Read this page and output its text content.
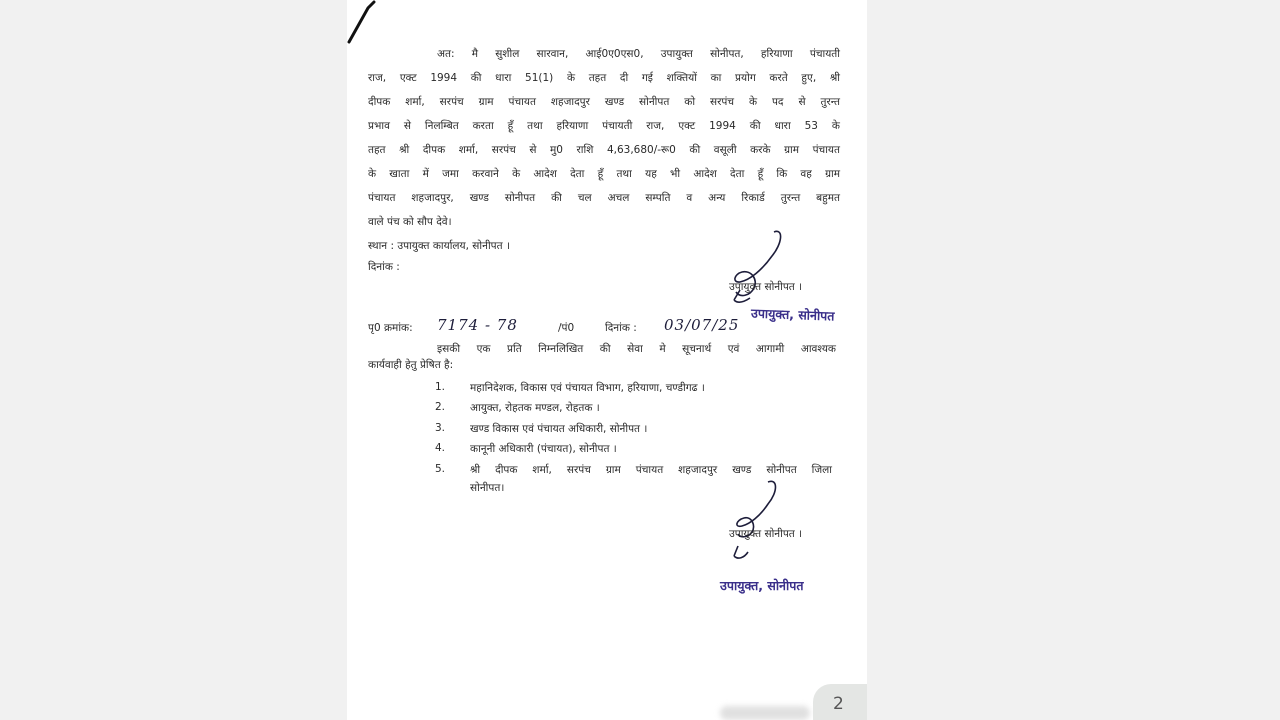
अत: मै सुशील सारवान, आई0ए0एस0, उपायुक्त सोनीपत, हरियाणा पंचायती
राज, एक्ट 1994 की धारा 51(1) के तहत दी गई शक्तियों का प्रयोग करते हुए, श्री
दीपक शर्मा, सरपंच ग्राम पंचायत शहजादपुर खण्ड सोनीपत को सरपंच के पद से तुरन्त
प्रभाव से निलम्बित करता हूँ तथा हरियाणा पंचायती राज, एक्ट 1994 की धारा 53 के
तहत श्री दीपक शर्मा, सरपंच से मु0 राशि 4,63,680/-रू0 की वसूली करके ग्राम पंचायत
के खाता में जमा करवाने के आदेश देता हूँ तथा यह भी आदेश देता हूँ कि वह ग्राम
पंचायत शहजादपुर, खण्ड सोनीपत की चल अचल सम्पति व अन्य रिकार्ड तुरन्त बहुमत
वाले पंच को सौप देवे।
स्थान : उपायुक्त कार्यालय, सोनीपत ।
दिनांक :
उपायुक्त सोनीपत ।
उपायुक्त, सोनीपत
पृ0 क्रमांक: 7174 - 78	/पं0	दिनांक : 03/07/25
इसकी एक प्रति निम्नलिखित की सेवा मे सूचनार्थ एवं आगामी आवश्यक
कार्यवाही हेतु प्रेषित है:
1. महानिदेशक, विकास एवं पंचायत विभाग, हरियाणा, चण्डीगढ ।
2. आयुक्त, रोहतक मण्डल, रोहतक ।
3. खण्ड विकास एवं पंचायत अधिकारी, सोनीपत ।
4. कानूनी अधिकारी (पंचायत), सोनीपत ।
5. श्री दीपक शर्मा, सरपंच ग्राम पंचायत शहजादपुर खण्ड सोनीपत जिला
सोनीपत।
उपायुक्त सोनीपत ।
उपायुक्त, सोनीपत
2
